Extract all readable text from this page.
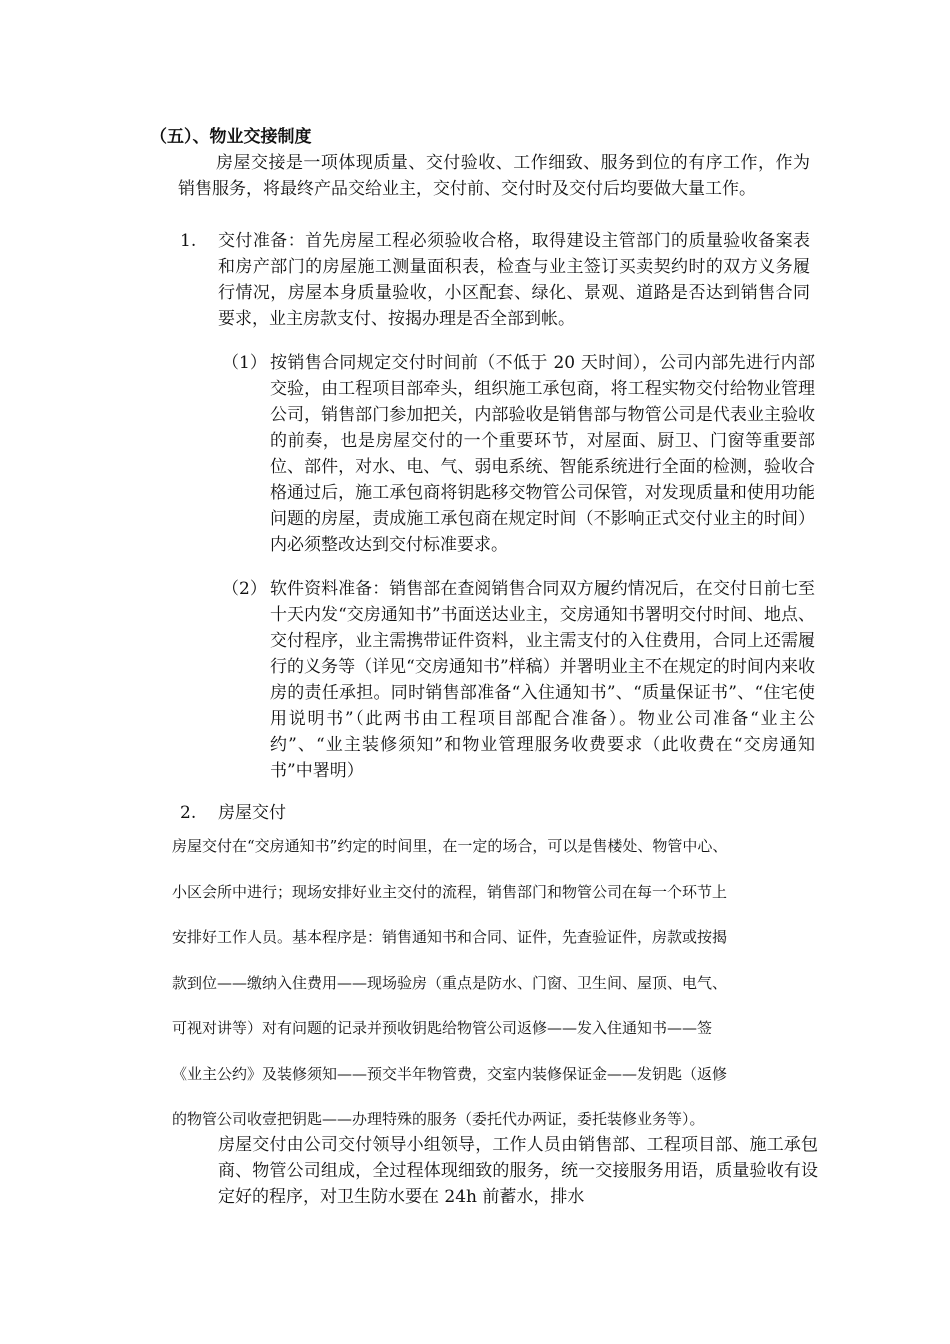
（五）、物业交接制度

房屋交接是一项体现质量、交付验收、工作细致、服务到位的有序工作，作为销售服务，将最终产品交给业主，交付前、交付时及交付后均要做大量工作。

1. 交付准备：首先房屋工程必须验收合格，取得建设主管部门的质量验收备案表和房产部门的房屋施工测量面积表，检查与业主签订买卖契约时的双方义务履行情况，房屋本身质量验收，小区配套、绿化、景观、道路是否达到销售合同要求，业主房款支付、按揭办理是否全部到帐。

（1） 按销售合同规定交付时间前（不低于 20 天时间），公司内部先进行内部交验，由工程项目部牵头，组织施工承包商，将工程实物交付给物业管理公司，销售部门参加把关，内部验收是销售部与物管公司是代表业主验收的前奏，也是房屋交付的一个重要环节，对屋面、厨卫、门窗等重要部位、部件，对水、电、气、弱电系统、智能系统进行全面的检测，验收合格通过后，施工承包商将钥匙移交物管公司保管，对发现质量和使用功能问题的房屋，责成施工承包商在规定时间（不影响正式交付业主的时间）内必须整改达到交付标准要求。

（2） 软件资料准备：销售部在查阅销售合同双方履约情况后，在交付日前七至十天内发“交房通知书”书面送达业主，交房通知书署明交付时间、地点、交付程序，业主需携带证件资料，业主需支付的入住费用，合同上还需履行的义务等（详见“交房通知书”样稿）并署明业主不在规定的时间内来收房的责任承担。同时销售部准备“入住通知书”、“质量保证书”、“住宅使用说明书”（此两书由工程项目部配合准备）。物业公司准备“业主公约”、“业主装修须知”和物业管理服务收费要求（此收费在“交房通知书”中署明）

2. 房屋交付
房屋交付在“交房通知书”约定的时间里，在一定的场合，可以是售楼处、物管中心、
小区会所中进行；现场安排好业主交付的流程，销售部门和物管公司在每一个环节上
安排好工作人员。基本程序是：销售通知书和合同、证件，先查验证件，房款或按揭
款到位——缴纳入住费用——现场验房（重点是防水、门窗、卫生间、屋顶、电气、
可视对讲等）对有问题的记录并预收钥匙给物管公司返修——发入住通知书——签
《业主公约》及装修须知——预交半年物管费，交室内装修保证金——发钥匙（返修
的物管公司收壹把钥匙——办理特殊的服务（委托代办两证，委托装修业务等）。

房屋交付由公司交付领导小组领导，工作人员由销售部、工程项目部、施工承包商、物管公司组成，全过程体现细致的服务，统一交接服务用语，质量验收有设定好的程序，对卫生防水要在 24h 前蓄水，排水
